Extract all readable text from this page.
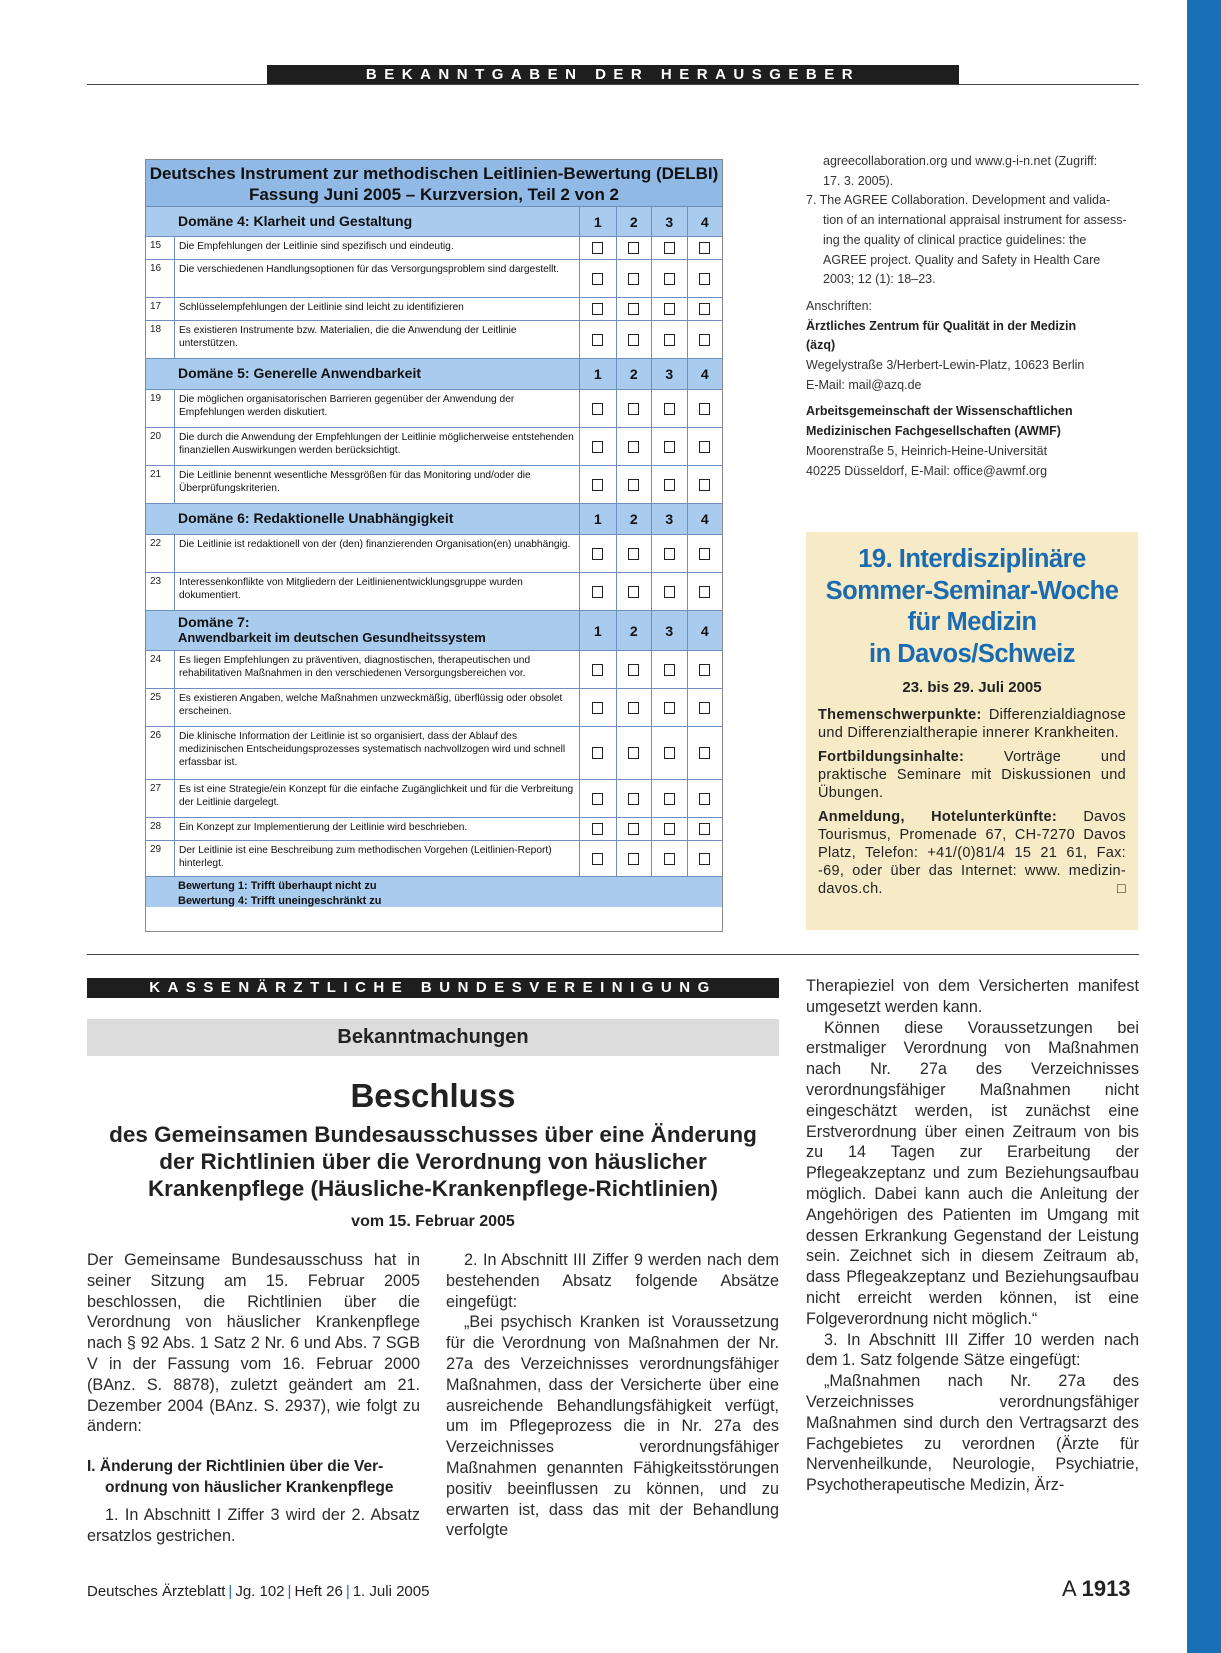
BEKANNTGABEN DER HERAUSGEBER
Deutsches Instrument zur methodischen Leitlinien-Bewertung (DELBI)
Fassung Juni 2005 – Kurzversion, Teil 2 von 2
Domäne 4: Klarheit und Gestaltung	1	2	3	4
15	Die Empfehlungen der Leitlinie sind spezifisch und eindeutig.
16	Die verschiedenen Handlungsoptionen für das Versorgungsproblem sind dargestellt.
17	Schlüsselempfehlungen der Leitlinie sind leicht zu identifizieren
18	Es existieren Instrumente bzw. Materialien, die die Anwendung der Leitlinie unterstützen.
Domäne 5: Generelle Anwendbarkeit	1	2	3	4
19	Die möglichen organisatorischen Barrieren gegenüber der Anwendung der Empfehlungen werden diskutiert.
20	Die durch die Anwendung der Empfehlungen der Leitlinie möglicherweise entstehenden finanziellen Auswirkungen werden berücksichtigt.
21	Die Leitlinie benennt wesentliche Messgrößen für das Monitoring und/oder die Überprüfungskriterien.
Domäne 6: Redaktionelle Unabhängigkeit	1	2	3	4
22	Die Leitlinie ist redaktionell von der (den) finanzierenden Organisation(en) unabhängig.
23	Interessenkonflikte von Mitgliedern der Leitlinienentwicklungsgruppe wurden dokumentiert.
Domäne 7:
Anwendbarkeit im deutschen Gesundheitssystem	1	2	3	4
24	Es liegen Empfehlungen zu präventiven, diagnostischen, therapeutischen und rehabilitativen Maßnahmen in den verschiedenen Versorgungsbereichen vor.
25	Es existieren Angaben, welche Maßnahmen unzweckmäßig, überflüssig oder obsolet erscheinen.
26	Die klinische Information der Leitlinie ist so organisiert, dass der Ablauf des medizinischen Entscheidungsprozesses systematisch nachvollzogen wird und schnell erfassbar ist.
27	Es ist eine Strategie/ein Konzept für die einfache Zugänglichkeit und für die Verbreitung der Leitlinie dargelegt.
28	Ein Konzept zur Implementierung der Leitlinie wird beschrieben.
29	Der Leitlinie ist eine Beschreibung zum methodischen Vorgehen (Leitlinien-Report) hinterlegt.
Bewertung 1: Trifft überhaupt nicht zu
Bewertung 4: Trifft uneingeschränkt zu
agreecollaboration.org und www.g-i-n.net (Zugriff:
17. 3. 2005).
7. The AGREE Collaboration. Development and valida-
tion of an international appraisal instrument for assess-
ing the quality of clinical practice guidelines: the
AGREE project. Quality and Safety in Health Care
2003; 12 (1): 18–23.
Anschriften:
Ärztliches Zentrum für Qualität in der Medizin
(äzq)
Wegelystraße 3/Herbert-Lewin-Platz, 10623 Berlin
E-Mail: mail@azq.de
Arbeitsgemeinschaft der Wissenschaftlichen
Medizinischen Fachgesellschaften (AWMF)
Moorenstraße 5, Heinrich-Heine-Universität
40225 Düsseldorf, E-Mail: office@awmf.org
19. Interdisziplinäre
Sommer-Seminar-Woche
für Medizin
in Davos/Schweiz
23. bis 29. Juli 2005
Themenschwerpunkte: Differenzialdiagnose und Differenzialtherapie innerer Krankheiten.
Fortbildungsinhalte: Vorträge und praktische Seminare mit Diskussionen und Übungen.
Anmeldung, Hotelunterkünfte: Davos Tourismus, Promenade 67, CH-7270 Davos Platz, Telefon: +41/(0)81/4 15 21 61, Fax: -69, oder über das Internet: www. medizin-davos.ch.	□
KASSENÄRZTLICHE BUNDESVEREINIGUNG
Bekanntmachungen
Beschluss
des Gemeinsamen Bundesausschusses über eine Änderung
der Richtlinien über die Verordnung von häuslicher
Krankenpflege (Häusliche-Krankenpflege-Richtlinien)
vom 15. Februar 2005

Der Gemeinsame Bundesausschuss hat in seiner Sitzung am 15. Februar 2005 beschlossen, die Richtlinien über die Verordnung von häuslicher Krankenpflege nach § 92 Abs. 1 Satz 2 Nr. 6 und Abs. 7 SGB V in der Fassung vom 16. Februar 2000 (BAnz. S. 8878), zuletzt geändert am 21. Dezember 2004 (BAnz. S. 2937), wie folgt zu ändern:

I. Änderung der Richtlinien über die Ver-
ordnung von häuslicher Krankenpflege

1. In Abschnitt I Ziffer 3 wird der 2. Absatz ersatzlos gestrichen.

2. In Abschnitt III Ziffer 9 werden nach dem bestehenden Absatz folgende Absätze eingefügt:

„Bei psychisch Kranken ist Voraussetzung für die Verordnung von Maßnahmen der Nr. 27a des Verzeichnisses verordnungsfähiger Maßnahmen, dass der Versicherte über eine ausreichende Behandlungsfähigkeit verfügt, um im Pflegeprozess die in Nr. 27a des Verzeichnisses verordnungsfähiger Maßnahmen genannten Fähigkeitsstörungen positiv beeinflussen zu können, und zu erwarten ist, dass das mit der Behandlung verfolgte

Therapieziel von dem Versicherten manifest umgesetzt werden kann.

Können diese Voraussetzungen bei erstmaliger Verordnung von Maßnahmen nach Nr. 27a des Verzeichnisses verordnungsfähiger Maßnahmen nicht eingeschätzt werden, ist zunächst eine Erstverordnung über einen Zeitraum von bis zu 14 Tagen zur Erarbeitung der Pflegeakzeptanz und zum Beziehungsaufbau möglich. Dabei kann auch die Anleitung der Angehörigen des Patienten im Umgang mit dessen Erkrankung Gegenstand der Leistung sein. Zeichnet sich in diesem Zeitraum ab, dass Pflegeakzeptanz und Beziehungsaufbau nicht erreicht werden können, ist eine Folgeverordnung nicht möglich.“

3. In Abschnitt III Ziffer 10 werden nach dem 1. Satz folgende Sätze eingefügt:

„Maßnahmen nach Nr. 27a des Verzeichnisses verordnungsfähiger Maßnahmen sind durch den Vertragsarzt des Fachgebietes zu verordnen (Ärzte für Nervenheilkunde, Neurologie, Psychiatrie, Psychotherapeutische Medizin, Ärz-

Deutsches Ärzteblatt | Jg. 102 | Heft 26 | 1. Juli 2005	A 1913
